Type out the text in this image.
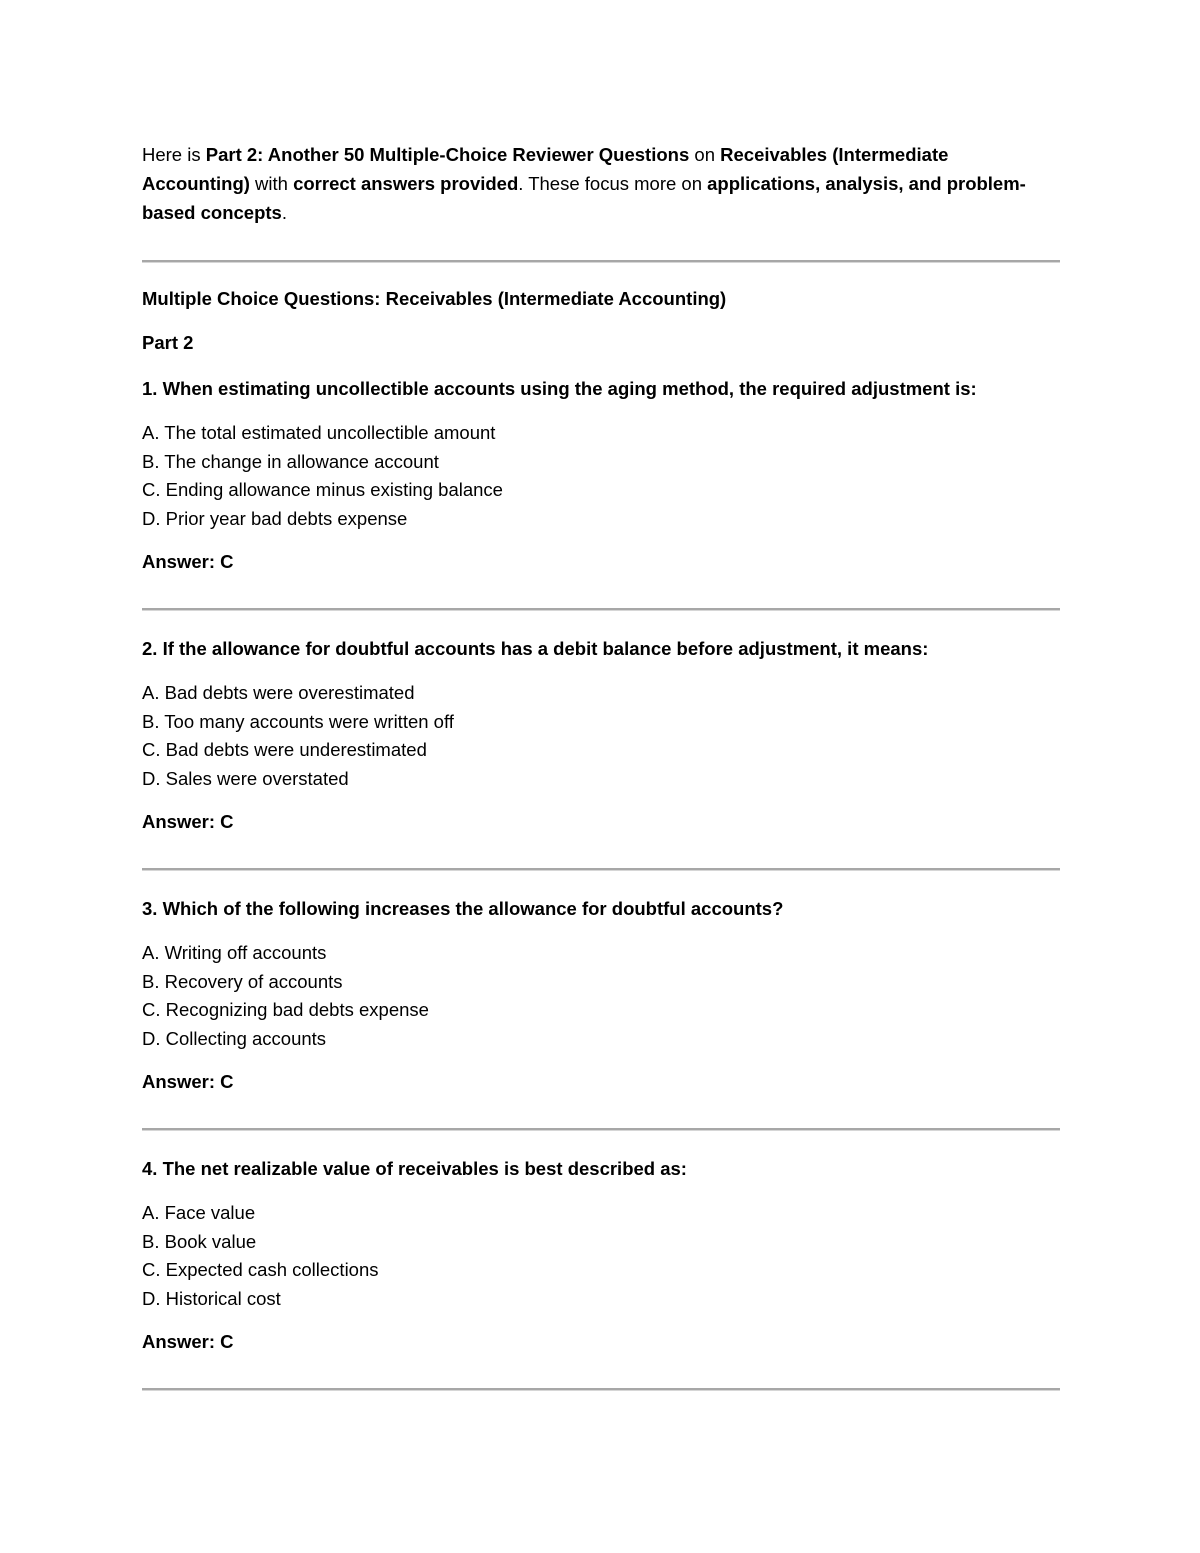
Here is Part 2: Another 50 Multiple-Choice Reviewer Questions on Receivables (Intermediate Accounting) with correct answers provided. These focus more on applications, analysis, and problem-based concepts.

Multiple Choice Questions: Receivables (Intermediate Accounting)

Part 2

1. When estimating uncollectible accounts using the aging method, the required adjustment is:

A. The total estimated uncollectible amount
B. The change in allowance account
C. Ending allowance minus existing balance
D. Prior year bad debts expense

Answer: C

2. If the allowance for doubtful accounts has a debit balance before adjustment, it means:

A. Bad debts were overestimated
B. Too many accounts were written off
C. Bad debts were underestimated
D. Sales were overstated

Answer: C

3. Which of the following increases the allowance for doubtful accounts?

A. Writing off accounts
B. Recovery of accounts
C. Recognizing bad debts expense
D. Collecting accounts

Answer: C

4. The net realizable value of receivables is best described as:

A. Face value
B. Book value
C. Expected cash collections
D. Historical cost

Answer: C
